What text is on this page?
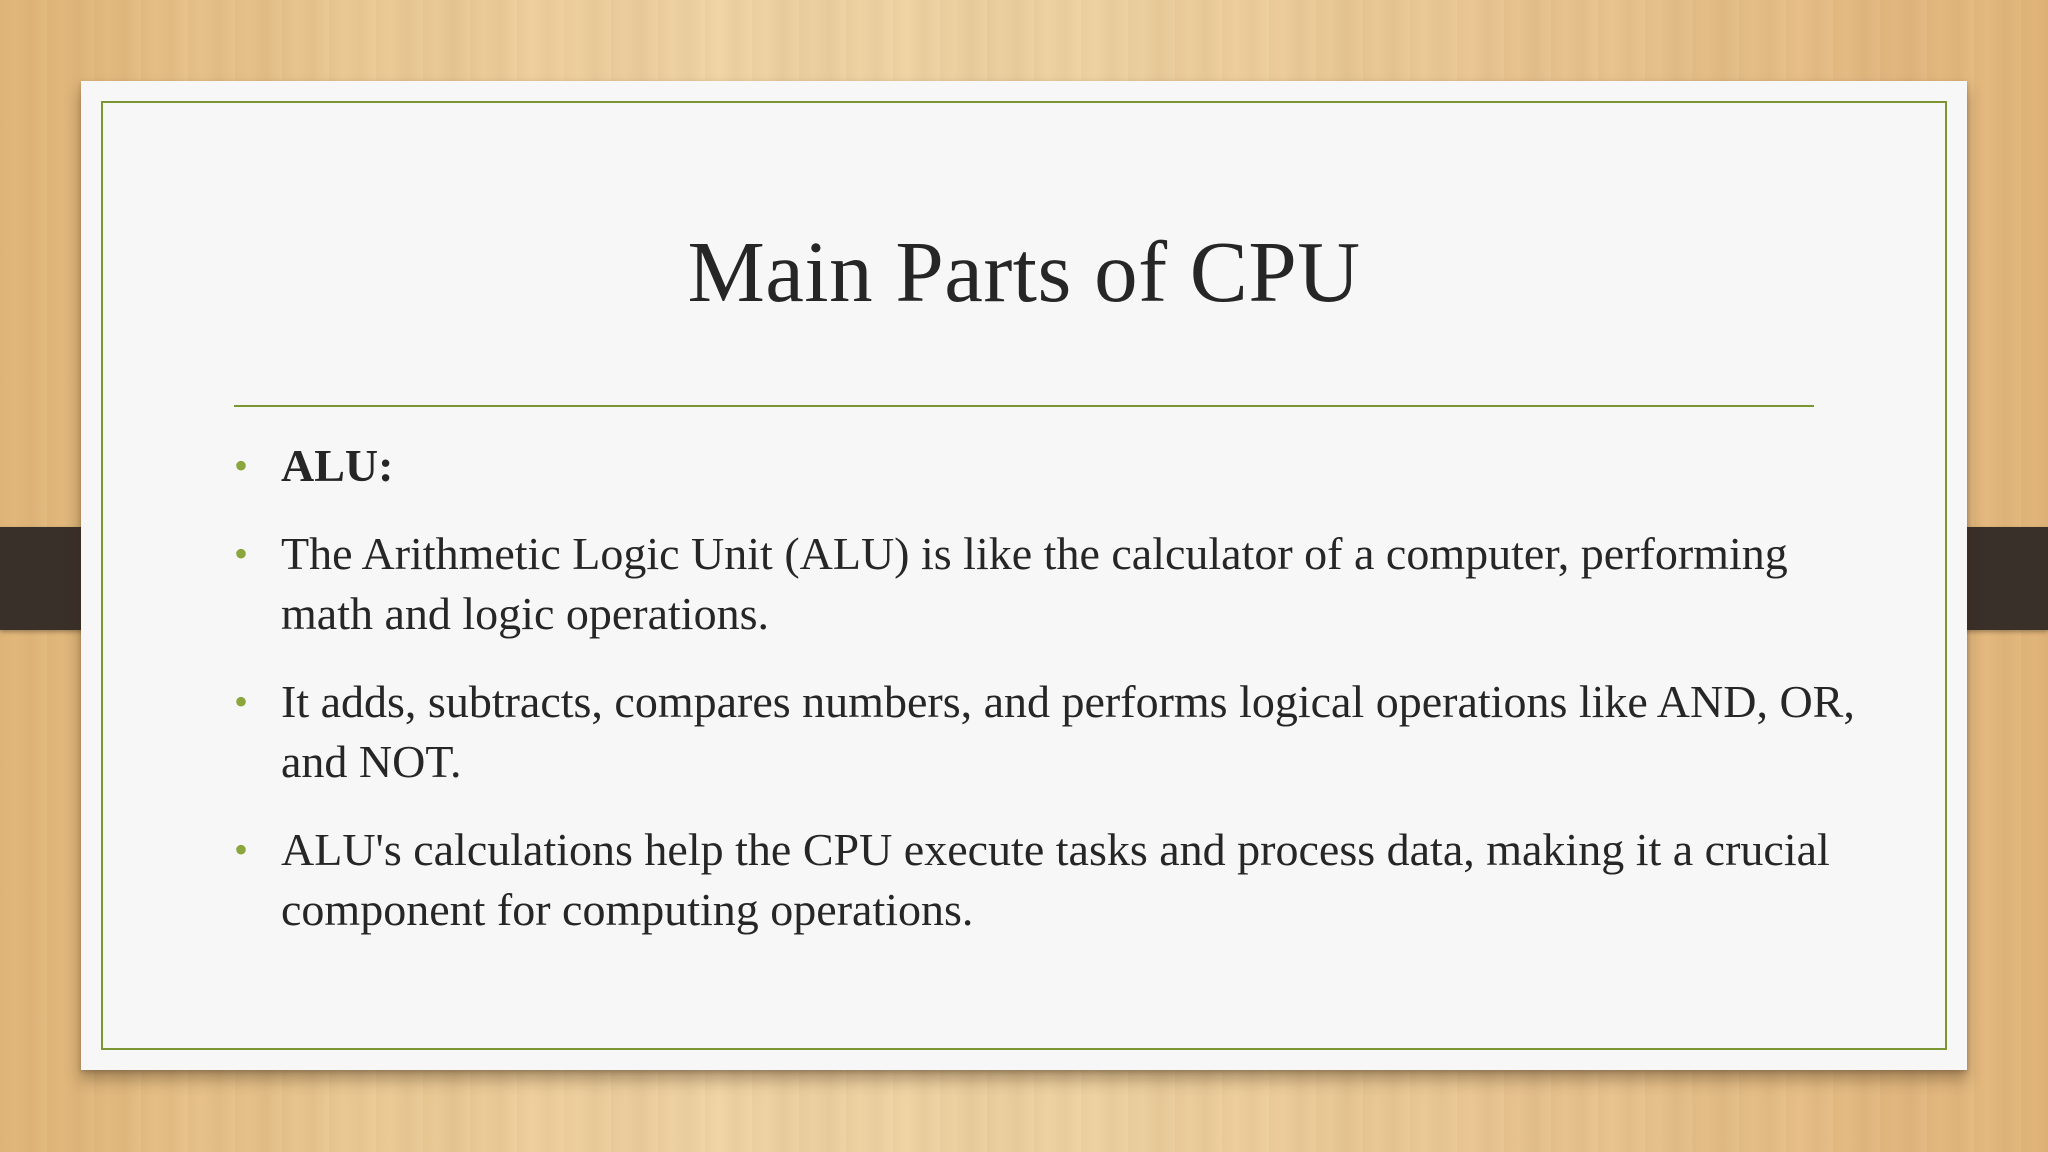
Main Parts of CPU
• ALU:
• The Arithmetic Logic Unit (ALU) is like the calculator of a computer, performing math and logic operations.
• It adds, subtracts, compares numbers, and performs logical operations like AND, OR, and NOT.
• ALU's calculations help the CPU execute tasks and process data, making it a crucial component for computing operations.
